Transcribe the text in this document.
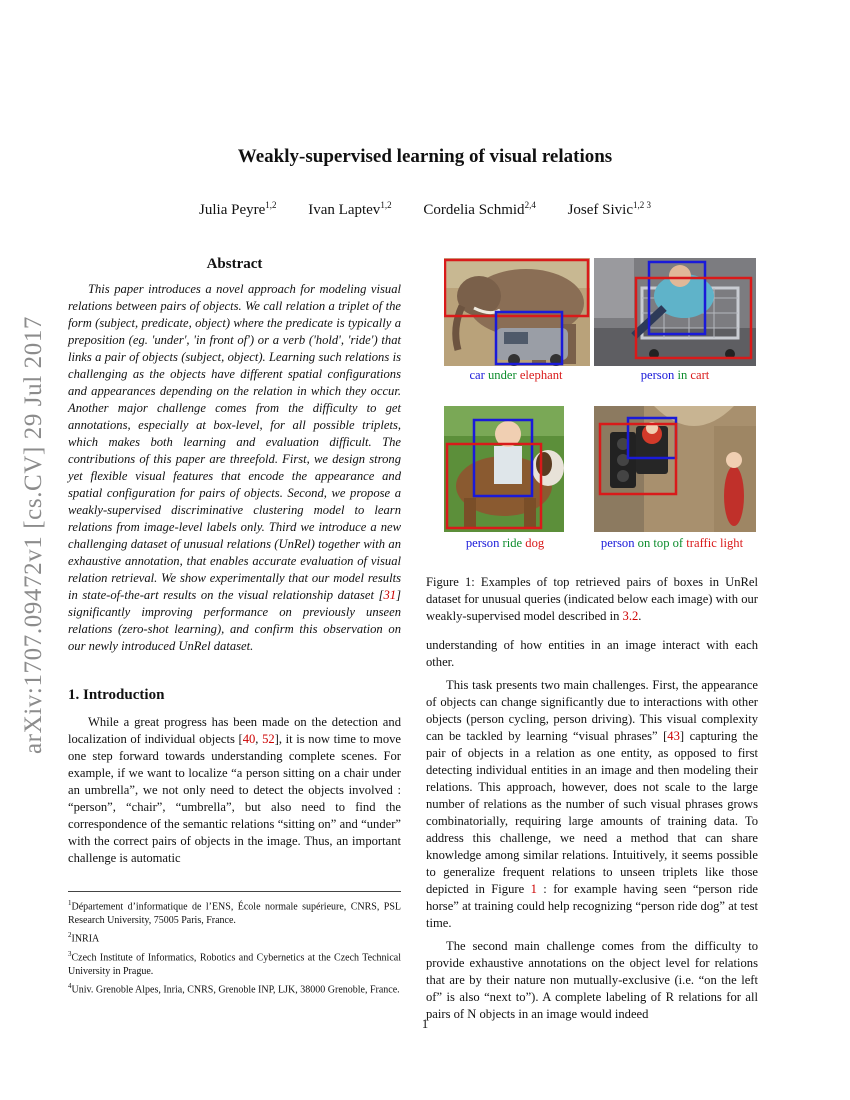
arXiv:1707.09472v1 [cs.CV] 29 Jul 2017
Weakly-supervised learning of visual relations
Julia Peyre$^{1,2}$ Ivan Laptev$^{1,2}$ Cordelia Schmid$^{2,4}$ Josef Sivic$^{1,2 3}$
Abstract

This paper introduces a novel approach for modeling visual relations between pairs of objects. We call relation a triplet of the form (subject, predicate, object) where the predicate is typically a preposition (eg. 'under', 'in front of') or a verb ('hold', 'ride') that links a pair of objects (subject, object). Learning such relations is challenging as the objects have different spatial configurations and appearances depending on the relation in which they occur. Another major challenge comes from the difficulty to get annotations, especially at box-level, for all possible triplets, which makes both learning and evaluation difficult. The contributions of this paper are threefold. First, we design strong yet flexible visual features that encode the appearance and spatial configuration for pairs of objects. Second, we propose a weakly-supervised discriminative clustering model to learn relations from image-level labels only. Third we introduce a new challenging dataset of unusual relations (UnRel) together with an exhaustive annotation, that enables accurate evaluation of visual relation retrieval. We show experimentally that our model results in state-of-the-art results on the visual relationship dataset [31] significantly improving performance on previously unseen relations (zero-shot learning), and confirm this observation on our newly introduced UnRel dataset.

1. Introduction

While a great progress has been made on the detection and localization of individual objects [40, 52], it is now time to move one step forward towards understanding complete scenes. For example, if we want to localize “a person sitting on a chair under an umbrella”, we not only need to detect the objects involved : “person”, “chair”, “umbrella”, but also need to find the correspondence of the semantic relations “sitting on” and “under” with the correct pairs of objects in the image. Thus, an important challenge is automatic

$^1$Département d’informatique de l’ENS, École normale supérieure, CNRS, PSL Research University, 75005 Paris, France.

$^2$INRIA

$^3$Czech Institute of Informatics, Robotics and Cybernetics at the Czech Technical University in Prague.

$^4$Univ. Grenoble Alpes, Inria, CNRS, Grenoble INP, LJK, 38000 Grenoble, France.

car under elephant	person in cart
person ride dog	person on top of traffic light

Figure 1: Examples of top retrieved pairs of boxes in UnRel dataset for unusual queries (indicated below each image) with our weakly-supervised model described in 3.2.

understanding of how entities in an image interact with each other.

This task presents two main challenges. First, the appearance of objects can change significantly due to interactions with other objects (person cycling, person driving). This visual complexity can be tackled by learning “visual phrases” [43] capturing the pair of objects in a relation as one entity, as opposed to first detecting individual entities in an image and then modeling their relations. This approach, however, does not scale to the large number of relations as the number of such visual phrases grows combinatorially, requiring large amounts of training data. To address this challenge, we need a method that can share knowledge among similar relations. Intuitively, it seems possible to generalize frequent relations to unseen triplets like those depicted in Figure 1 : for example having seen “person ride horse” at training could help recognizing “person ride dog” at test time.

The second main challenge comes from the difficulty to provide exhaustive annotations on the object level for relations that are by their nature non mutually-exclusive (i.e. “on the left of” is also “next to”). A complete labeling of R relations for all pairs of N objects in an image would indeed

1
